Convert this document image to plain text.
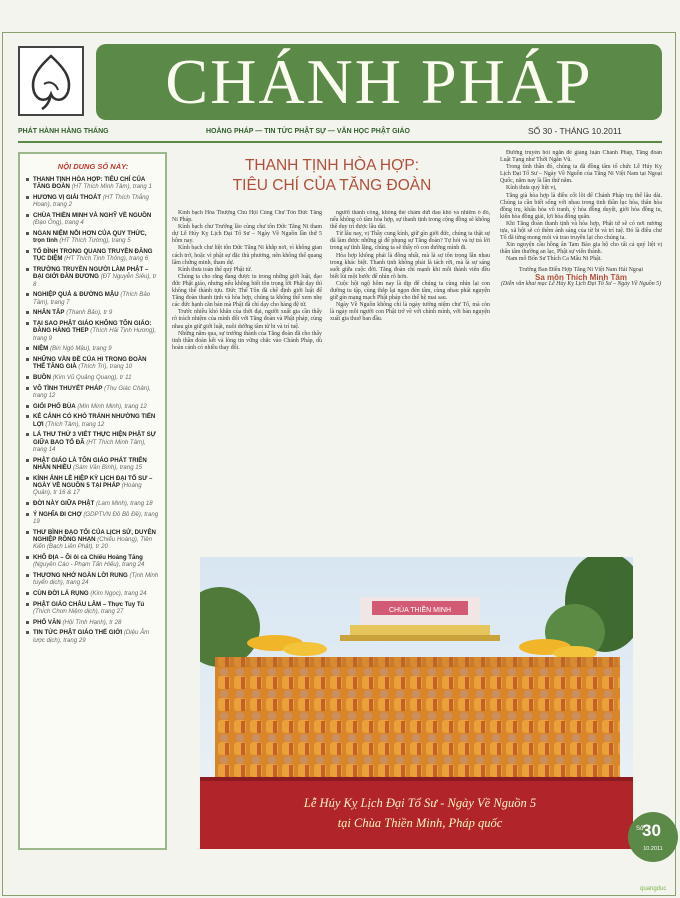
CHÁNH PHÁP
PHÁT HÀNH HẰNG THÁNG	HOẰNG PHÁP — TIN TỨC PHẬT SỰ — VĂN HỌC PHẬT GIÁO	SỐ 30 - THÁNG 10.2011
NỘI DUNG SỐ NÀY:
THANH TỊNH HÒA HỢP: TIÊU CHÍ CỦA TĂNG ĐOÀN (HT Thích Minh Tâm), trang 1
HƯƠNG VỊ GIẢI THOÁT (HT Thích Thắng Hoan), trang 2
CHÙA THIỀN MINH VÀ NGHỸ VỀ NGUỒN (Đạo Ông), trang 4
NGAN NIỆM NỖI HƠN CỦA QUY THỨC, trọn tình (HT Thích Tường), trang 5
TỔ ĐÌNH TRONG QUANG TRUYỀN ĐĂNG TỤC DIỆM (HT Thích Tịnh Thông), trang 6
TRƯỜNG TRUYỀN NGƯỜI LÀM PHẬT – ĐẠI GIỚI ĐÀN ĐƯƠNG (ĐT Nguyễn Siêu), tr 8
NGHIỆP QUẢ & ĐƯỜNG MẬU (Thích Bảo Tâm), trang 7
NHÂN TÂP (Thanh Bảo), tr 9
TẠI SAO PHẬT GIÁO KHÔNG TÔN GIÁO: ĐÀNG HÀNG THEP (Thích Hải Tịnh Hương), trang 9
NIỆM (Bin Ngô Mậu), trang 9
NHỮNG VẦN ĐỀ CỦA HI TRONG ĐOÀN THỂ TĂNG GIÀ (Thích Trí), trang 10
BUỒN (Kim Vũ Quảng Quang), tr 11
VÔ TÌNH THUYẾT PHÁP (Thu Giác Chân), trang 12
GIỐI PHỐ BÙA (Min Minh Minh), trang 12
KẺ CẢNH CÓ KHÓ TRÁNH NHƯỜNG TIẾN LỢI (Thích Tâm), trang 12
LÁ THƯ THỨ 3 VIẾT THỰC HIỆN PHẬT SỰ GIỮA BAO TỔ ĐÃ (HT Thích Minh Tâm), trang 14
PHẬT GIÁO LÀ TÔN GIÁO PHÁT TRIỂN NHÂN NHIỀU (Sám Văn Bình), trang 15
KÍNH ẢNH LỄ HIỆP KỲ LỊCH ĐẠI TỔ SƯ – NGÀY VỀ NGUỒN 5 TẠI PHÁP (Hoàng Quân), tr 16 & 17
ĐỜI NÀY GIỮA PHẬT (Lam Minh), trang 18
Ý NGHĨA ĐI CHỢ (GDPTVN Đồ Bồ Đề), trang 19
THƯ BÌNH ĐẠO TỐI CỦA LỊCH SỬ, DUYÊN NGHIỆP RỒNG NHẠN (Chiếu Hoàng), Tiên Kiến (Bạch Liên Phật), tr 20
KHÔ ĐỊA – Ôi ôi cà Chiếu Hoàng Tăng (Nguyên Cáo - Phạm Tấn Hiếu), trang 24
THƯƠNG NHỚ NGÀN LỜI RUNG (Tịnh Minh tuyển dịch), trang 24
CÙN ĐỜI LÁ RỤNG (Kim Ngọc), trang 24
PHẬT GIÁO CHÂU LÂM – Thực Tuy Tú (Thích Chơn Niệm dịch), trang 27
PHỐ VĂN (Hội Tình Hạnh), tr 28
TIN TỨC PHẬT GIÁO THẾ GIỚI (Diệu Âm lược dịch), trang 29
THANH TỊNH HÒA HỢP:
TIÊU CHÍ CỦA TĂNG ĐOÀN

Kính bạch Hòa Thượng Chủ Hội Cùng Chư Tôn Đức Tăng Ni Pháp.

Kính bạch chư Trưởng lão cùng chư tôn Đức Tăng Ni tham dự Lễ Húy Kỵ Lịch Đại Tổ Sư – Ngày Về Nguồn lần thứ 5 hôm nay.

Kính bạch chư liệt tôn Đức Tăng Ni khắp nơi, vì không gian cách trở, hoặc vì phật sự đặc thù phương, nên không thể quang lâm chứng minh, tham dự.

Kính thưa toàn thể quý Phật tử.

Chúng ta cho rằng đang được tu trong những giới luật, đạo đức Phật giáo, nhưng nếu không biết tôn trọng lời Phật dạy thì không thể thành tựu. Đức Thế Tôn đã chế định giới luật để Tăng đoàn thanh tịnh và hòa hợp, chúng ta không thể xem nhẹ các đức hạnh căn bản mà Phật đã chỉ dạy cho hàng đệ tử.

Trước nhiều khó khăn của thời đại, người xuất gia cần thấy rõ trách nhiệm của mình đối với Tăng đoàn và Phật pháp, cùng nhau gìn giữ giới luật, nuôi dưỡng tâm từ bi và trí tuệ.

Những năm qua, sự trưởng thành của Tăng đoàn đã cho thấy tinh thần đoàn kết và lòng tin vững chắc vào Chánh Pháp, dù hoàn cảnh có nhiều thay đổi.

người thành công, không thể chấm dứt đau khổ và nhiễm ô đó, nếu không có tâm hòa hợp, sự thanh tịnh trong cộng đồng sẽ không thể duy trì được lâu dài.

Từ lâu nay, vị Thầy cung kính, giữ gìn giới đức, chúng ta thật sự đã làm được những gì để phụng sự Tăng đoàn? Tự hỏi và tự trả lời trong sự tĩnh lặng, chúng ta sẽ thấy rõ con đường mình đi.

Hòa hợp không phải là đồng nhất, mà là sự tôn trọng lẫn nhau trong khác biệt. Thanh tịnh không phải là tách rời, mà là sự sáng suốt giữa cuộc đời. Tăng đoàn chỉ mạnh khi mỗi thành viên đều biết lùi một bước để nhìn rõ hơn.

Cuộc hội ngộ hôm nay là dịp để chúng ta cùng nhìn lại con đường tu tập, cùng thắp lại ngọn đèn tâm, cùng nhau phát nguyện giữ gìn mạng mạch Phật pháp cho thế hệ mai sau.

Ngày Về Nguồn không chỉ là ngày tưởng niệm chư Tổ, mà còn là ngày mỗi người con Phật trở về với chính mình, với bản nguyện xuất gia thuở ban đầu.

Đường truyền hỏi ngắn để giảng luận Chánh Pháp, Tăng đoàn Luật Tạng như Thời Ngăn Vũ.

Trong tình thần đó, chúng ta đã đồng tâm tổ chức Lễ Húy Kỵ Lịch Đại Tổ Sư – Ngày Về Nguồn của Tăng Ni Việt Nam tại Ngoại Quốc, năm nay là lần thứ năm.

Kính thưa quý liệt vị,

Tăng già hòa hợp là điều cốt lõi để Chánh Pháp trụ thế lâu dài. Chúng ta cần biết sống với nhau trong tinh thần lục hòa, thân hòa đồng trụ, khẩu hòa vô tranh, ý hòa đồng duyệt, giới hòa đồng tu, kiến hòa đồng giải, lợi hòa đồng quân.

Khi Tăng đoàn thanh tịnh và hòa hợp, Phật tử sẽ có nơi nương tựa, xã hội sẽ có thêm ánh sáng của từ bi và trí tuệ. Đó là điều chư Tổ đã từng mong mỏi và trao truyền lại cho chúng ta.

Xin nguyện cầu hồng ân Tam Bảo gia hộ cho tất cả quý liệt vị thân tâm thường an lạc, Phật sự viên thành.

Nam mô Bổn Sư Thích Ca Mâu Ni Phật.

Trưởng Ban Điều Hợp Tăng Ni Việt Nam Hải Ngoại

Sa môn Thích Minh Tâm

(Diễn văn khai mạc Lễ Húy Kỵ Lịch Đại Tổ Sư – Ngày Về Nguồn 5)

CHÙA THIỀN MINH
Lễ Húy Kỵ Lịch Đại Tổ Sư - Ngày Về Nguồn 5
tại Chùa Thiền Minh, Pháp quốc	Số
30
10.2011
quangduc
